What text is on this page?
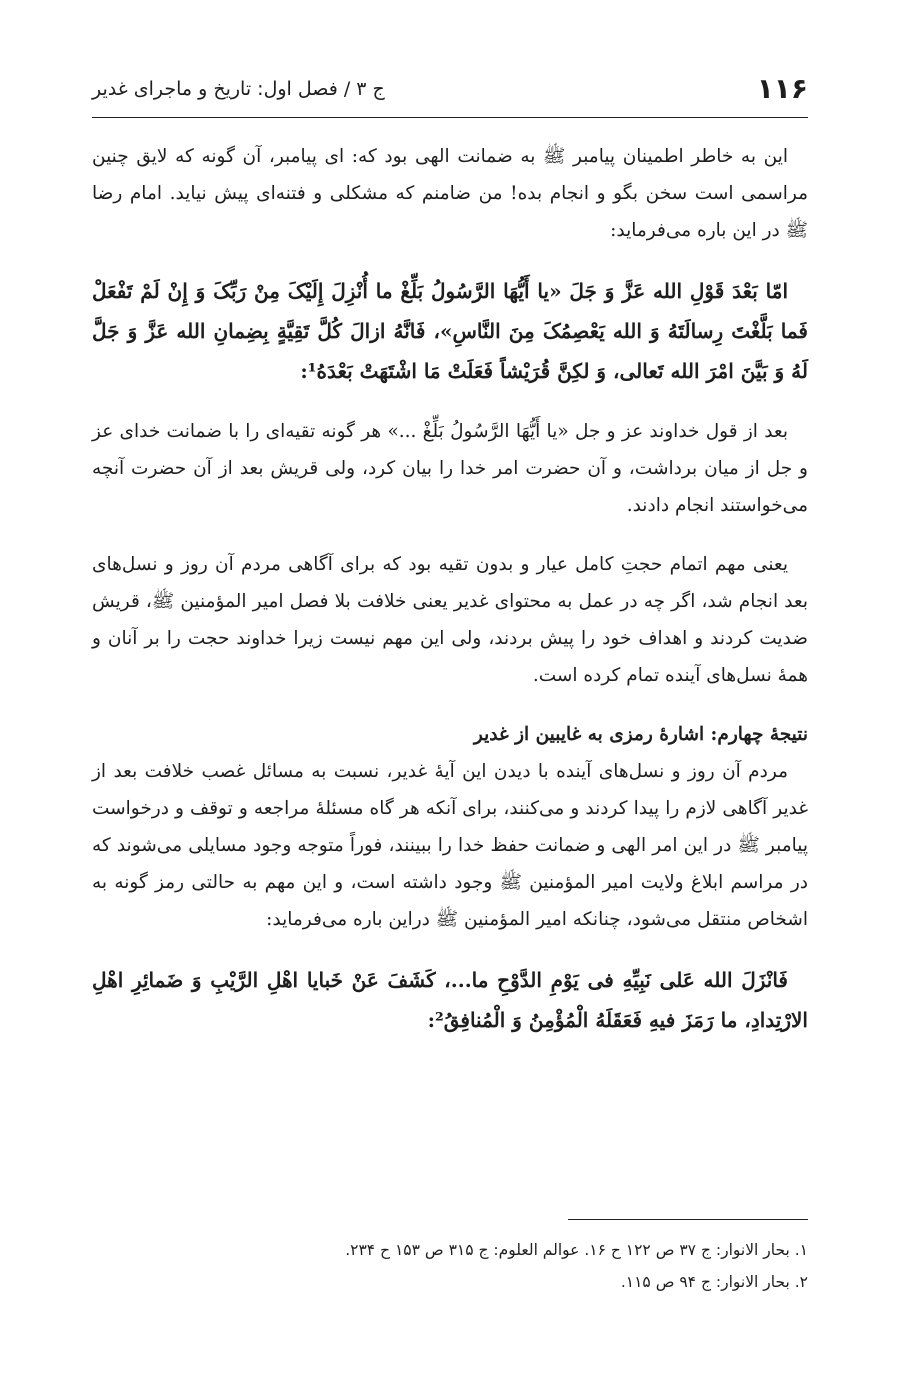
۱۱۶
ج ۳ / فصل اول: تاریخ و ماجرای غدیر

این به خاطر اطمینان پیامبر ﷺ به ضمانت الهی بود که: ای پیامبر، آن گونه که لایق چنین مراسمی است سخن بگو و انجام بده! من ضامنم که مشکلی و فتنه‌ای پیش نیاید. امام رضا ﷺ در این باره می‌فرماید:

امّا بَعْدَ قَوْلِ الله عَزَّ وَ جَلَ «یا أَیُّهَا الرَّسُولُ بَلِّغْ ما أُنْزِلَ إِلَیْکَ مِنْ رَبِّکَ وَ إِنْ لَمْ تَفْعَلْ فَما بَلَّغْتَ رِسالَتَهُ وَ الله یَعْصِمُکَ مِنَ النَّاسِ»، فَانَّهُ ازالَ کُلَّ تَقِیَّةٍ بِضِمانِ الله عَزَّ وَ جَلَّ لَهُ وَ بَیَّنَ امْرَ الله تَعالی، وَ لکِنَّ قُرَیْشاً فَعَلَتْ مَا اشْتَهَتْ بَعْدَهُ¹:

بعد از قول خداوند عز و جل «یا أَیُّهَا الرَّسُولُ بَلِّغْ ...» هر گونه تقیه‌ای را با ضمانت خدای عز و جل از میان برداشت، و آن حضرت امر خدا را بیان کرد، ولی قریش بعد از آن حضرت آنچه می‌خواستند انجام دادند.

یعنی مهم اتمام حجتِ کامل عیار و بدون تقیه بود که برای آگاهی مردم آن روز و نسل‌های بعد انجام شد، اگر چه در عمل به محتوای غدیر یعنی خلافت بلا فصل امیر المؤمنین ﷺ، قریش ضدیت کردند و اهداف خود را پیش بردند، ولی این مهم نیست زیرا خداوند حجت را بر آنان و همهٔ نسل‌های آینده تمام کرده است.

نتیجهٔ چهارم: اشارهٔ رمزی به غایبین از غدیر

مردم آن روز و نسل‌های آینده با دیدن این آیهٔ غدیر، نسبت به مسائل غصب خلافت بعد از غدیر آگاهی لازم را پیدا کردند و می‌کنند، برای آنکه هر گاه مسئلهٔ مراجعه و توقف و درخواست پیامبر ﷺ در این امر الهی و ضمانت حفظ خدا را ببینند، فوراً متوجه وجود مسایلی می‌شوند که در مراسم ابلاغ ولایت امیر المؤمنین ﷺ وجود داشته است، و این مهم به حالتی رمز گونه به اشخاص منتقل می‌شود، چنانکه امیر المؤمنین ﷺ دراین باره می‌فرماید:

فَانْزَلَ الله عَلی نَبِیِّهِ فی یَوْمِ الدَّوْحِ ما...، کَشَفَ عَنْ خَبایا اهْلِ الرَّیْبِ وَ ضَمائِرِ اهْلِ الارْتِدادِ، ما رَمَزَ فیهِ فَعَقَلَهُ الْمُؤْمِنُ وَ الْمُنافِقُ²:

۱. بحار الانوار: ج ۳۷ ص ۱۲۲ ح ۱۶. عوالم العلوم: ج ۳۱۵ ص ۱۵۳ ح ۲۳۴.

۲. بحار الانوار: ج ۹۴ ص ۱۱۵.
